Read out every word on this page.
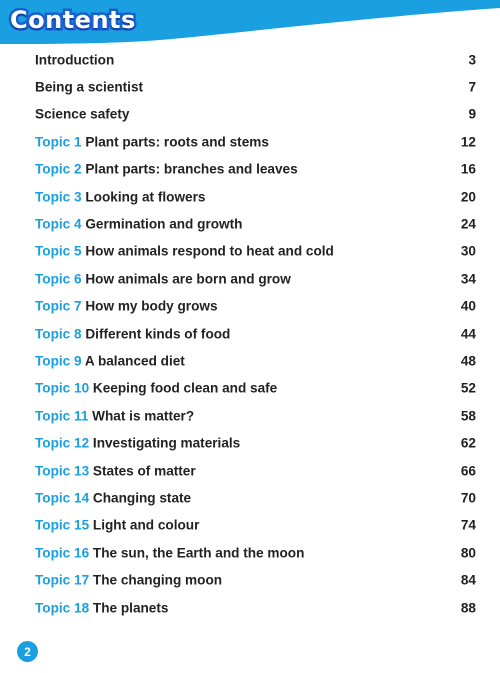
Contents
Introduction	3
Being a scientist	7
Science safety	9
Topic 1 Plant parts: roots and stems	12
Topic 2 Plant parts: branches and leaves	16
Topic 3 Looking at flowers	20
Topic 4 Germination and growth	24
Topic 5 How animals respond to heat and cold	30
Topic 6 How animals are born and grow	34
Topic 7 How my body grows	40
Topic 8 Different kinds of food	44
Topic 9 A balanced diet	48
Topic 10 Keeping food clean and safe	52
Topic 11 What is matter?	58
Topic 12 Investigating materials	62
Topic 13 States of matter	66
Topic 14 Changing state	70
Topic 15 Light and colour	74
Topic 16 The sun, the Earth and the moon	80
Topic 17 The changing moon	84
Topic 18 The planets	88
2
